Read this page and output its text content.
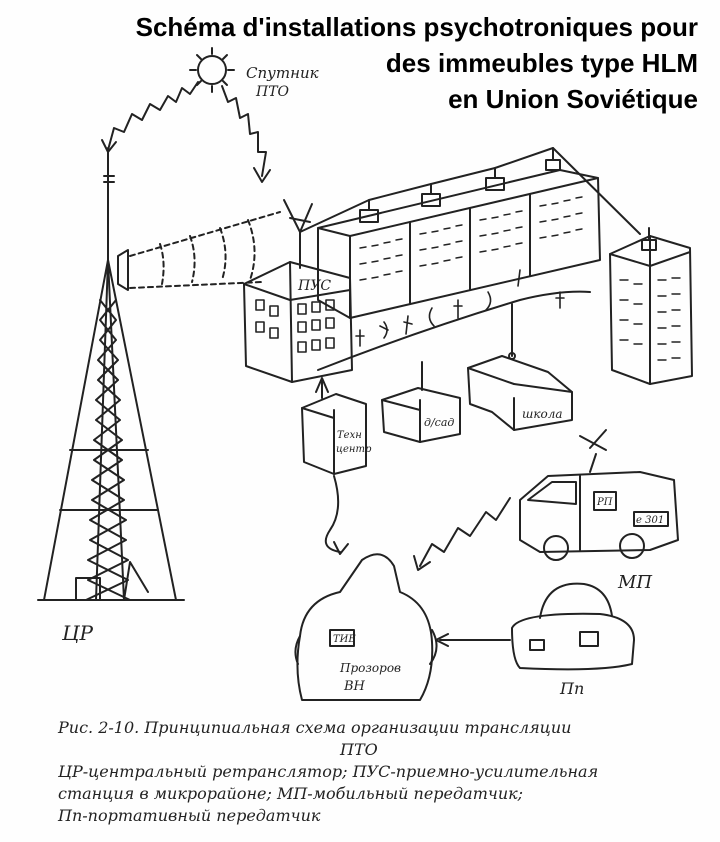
Schéma d'installations psychotroniques pour
des immeubles type HLM
en Union Soviétique
Спутник
ПТО
ПУС
ЦР
Техн
центр
д/сад
школа
РП
е 301
МП
Пп
ТИБ
Прозоров
ВН
Рис. 2-10. Принципиальная схема организации трансляции
ПТО
ЦР-центральный ретранслятор; ПУС-приемно-усилительная
станция в микрорайоне; МП-мобильный передатчик;
Пп-портативный передатчик
